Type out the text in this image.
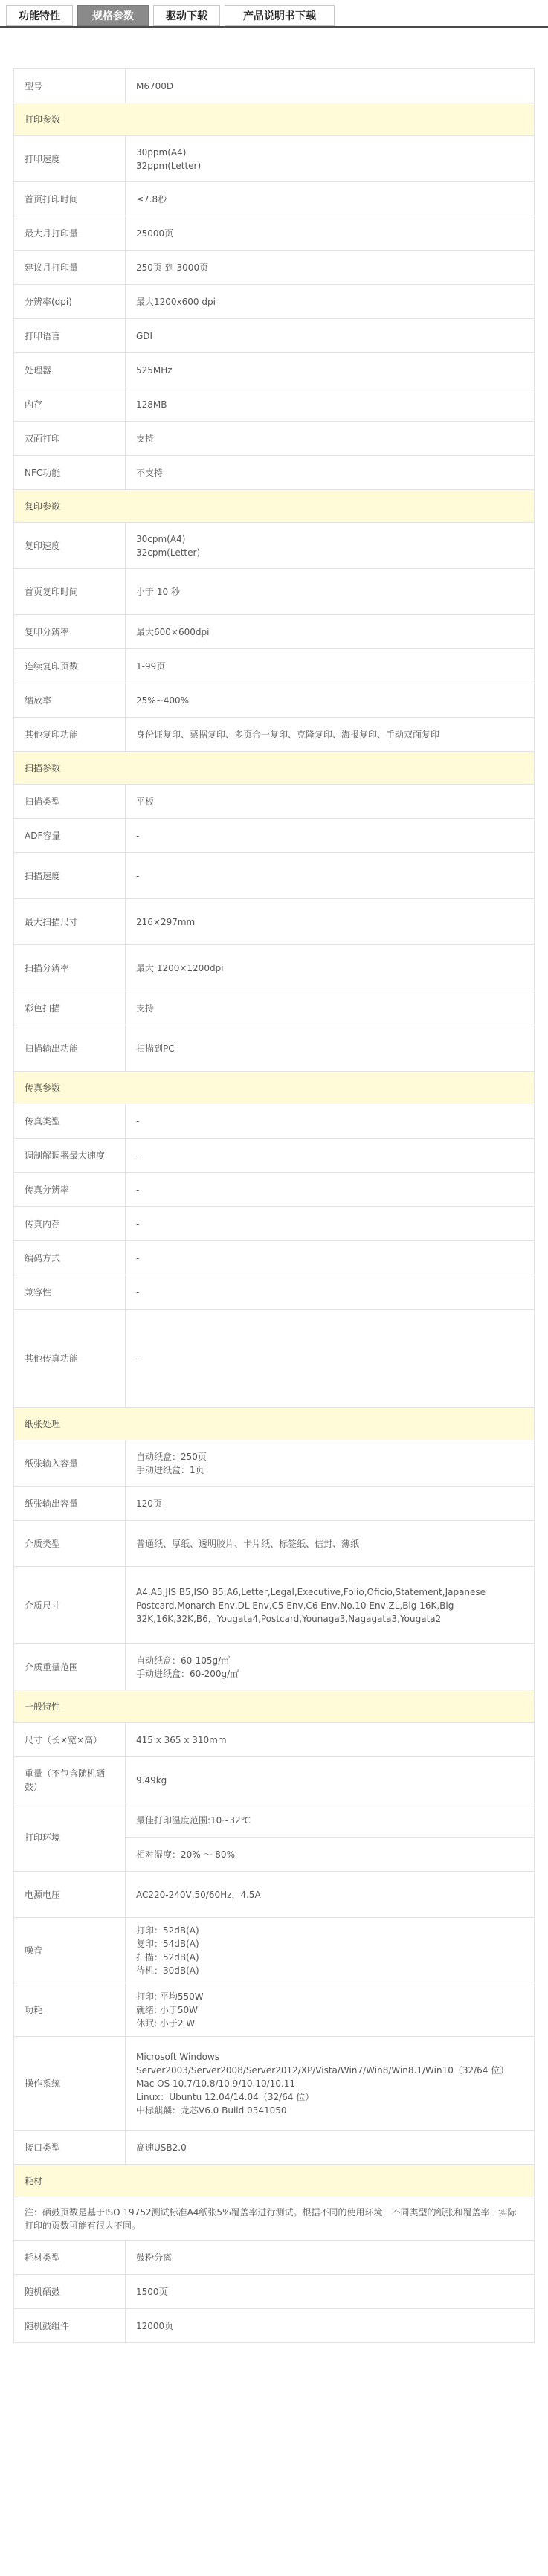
功能特性	规格参数	驱动下载	产品说明书下载
型号	M6700D

打印参数	
打印速度	30ppm(A4)
32ppm(Letter)

首页打印时间	≤7.8秒

最大月打印量	25000页

建议月打印量	250页 到 3000页

分辨率(dpi)	最大1200x600 dpi

打印语言	GDI

处理器	525MHz

内存	128MB

双面打印	支持

NFC功能	不支持

复印参数	
复印速度	30cpm(A4)
32cpm(Letter)

首页复印时间	小于 10 秒

复印分辨率	最大600×600dpi

连续复印页数	1-99页

缩放率	25%~400%

其他复印功能	身份证复印、票据复印、多页合一复印、克隆复印、海报复印、手动双面复印

扫描参数	
扫描类型	平板

ADF容量	-

扫描速度	-

最大扫描尺寸	216×297mm

扫描分辨率	最大 1200×1200dpi

彩色扫描	支持

扫描输出功能	扫描到PC

传真参数	
传真类型	-

调制解调器最大速度	-

传真分辨率	-

传真内存	-

编码方式	-

兼容性	-

其他传真功能	-

纸张处理	
纸张输入容量	自动纸盒：250页
手动进纸盒：1页

纸张输出容量	120页

介质类型	普通纸、厚纸、透明胶片、卡片纸、标签纸、信封、薄纸

介质尺寸	A4,A5,JIS B5,ISO B5,A6,Letter,Legal,Executive,Folio,Oficio,Statement,Japanese Postcard,Monarch Env,DL Env,C5 Env,C6 Env,No.10 Env,ZL,Big 16K,Big 32K,16K,32K,B6，Yougata4,Postcard,Younaga3,Nagagata3,Yougata2

介质重量范围	自动纸盒：60-105g/㎡
手动进纸盒：60-200g/㎡

一般特性	
尺寸（长×宽×高）	415 x 365 x 310mm

重量（不包含随机硒鼓）	9.49kg

打印环境	最佳打印温度范围:10~32℃

	相对湿度：20% 〜 80%

电源电压	AC220-240V,50/60Hz，4.5A

噪音	打印：52dB(A)
复印：54dB(A)
扫描：52dB(A)
待机：30dB(A)

功耗	打印: 平均550W
就绪: 小于50W
休眠: 小于2 W

操作系统	Microsoft Windows Server2003/Server2008/Server2012/XP/Vista/Win7/Win8/Win8.1/Win10（32/64 位）
Mac OS 10.7/10.8/10.9/10.10/10.11
Linux：Ubuntu 12.04/14.04（32/64 位）
中标麒麟：龙芯V6.0 Build 0341050

接口类型	高速USB2.0

耗材	
注：硒鼓页数是基于ISO 19752测试标准A4纸张5%覆盖率进行测试。根据不同的使用环境，不同类型的纸张和覆盖率，实际打印的页数可能有很大不同。	
耗材类型	鼓粉分离

随机硒鼓	1500页

随机鼓组件	12000页
